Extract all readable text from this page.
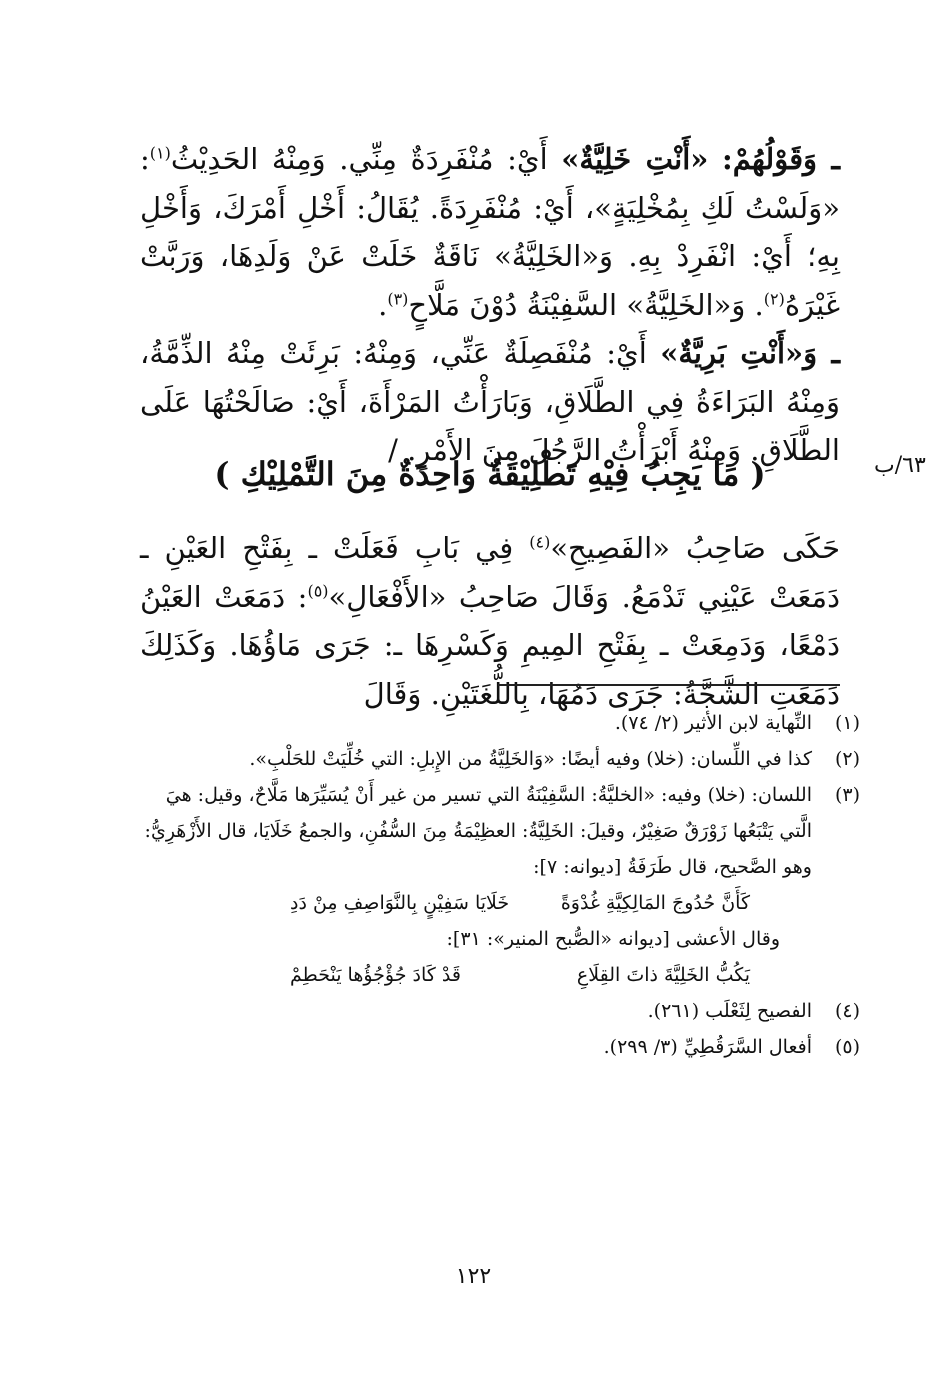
ـ وَقَوْلُهُمْ: «أَنْتِ خَلِيَّةٌ» أَيْ: مُنْفَرِدَةٌ مِنِّي. وَمِنْهُ الحَدِيْثُ$^{(١)}$: «وَلَسْتُ لَكِ بِمُخْلِيَةٍ»، أَيْ: مُنْفَرِدَةً. يُقَالُ: أَخْلِ أَمْرَكَ، وَأَخْلِ بِهِ؛ أَيْ: انْفَرِدْ بِهِ. وَ«الخَلِيَّةُ» نَاقَةٌ خَلَتْ عَنْ وَلَدِهَا، وَرَبَّتْ غَيْرَهُ$^{(٢)}$. وَ«الخَلِيَّةُ» السَّفِيْنَةُ دُوْنَ مَلَّاحٍ$^{(٣)}$.

ـ وَ«أَنْتِ بَرِيَّةٌ» أَيْ: مُنْفَصِلَةٌ عَنِّي، وَمِنْهُ: بَرِئَتْ مِنْهُ الذِّمَّةُ، وَمِنْهُ البَرَاءَةُ فِي الطَّلَاقِ، وَبَارَأْتُ المَرْأَةَ، أَيْ: صَالَحْتُهَا عَلَى الطَّلَاقِ. وَمِنْهُ أَبْرَأْتُ الرَّجُلَ مِنَ الأَمْرِ. / ٦٣/ب
( مَا يَجِبُ فِيْهِ تَطْلِيْقَةٌ وَاحِدَةٌ مِنَ التَّمْلِيْكِ )

حَكَى صَاحِبُ «الفَصِيحِ»$^{(٤)}$ فِي بَابِ فَعَلَتْ ـ بِفَتْحِ العَيْنِ ـ دَمَعَتْ عَيْنِي تَدْمَعُ. وَقَالَ صَاحِبُ «الأَفْعَالِ»$^{(٥)}$: دَمَعَتْ العَيْنُ دَمْعًا، وَدَمِعَتْ ـ بِفَتْحِ المِيمِ وَكَسْرِهَا ـ: جَرَى مَاؤُهَا. وَكَذَلِكَ دَمَعَتِ الشَّجَّةُ: جَرَى دَمُهَا، بِاللُّغَتَيْنِ. وَقَالَ

(١)
النِّهاية لابن الأثير (٢/ ٧٤).
(٢)
كذا في اللِّسان: (خلا) وفيه أيضًا: «وَالخَلِيَّةُ من الإِبلِ: التي خُلِّيَتْ للحَلْبِ».
(٣)
اللسان: (خلا) وفيه: «الخليَّةُ: السَّفِيْنَةُ التي تسير من غير أَنْ يُسَيِّرَها مَلَّاحٌ، وقيل: هيَ الَّتي يَتْبَعُها زَوْرَقٌ صَغِيْرٌ، وقيلَ: الخَلِيَّةُ: العظِيْمَةُ مِنَ السُّفُنِ، والجمعُ خَلَايَا، قال الأَزْهَرِيُّ: وهو الصَّحيح، قال طَرَفَةُ [ديوانه: ٧]:
كَأَنَّ حُدُوجَ المَالِكِيَّةِ غُدْوَةً
خَلَايَا سَفِيْنٍ بِالنَّوَاصِفِ مِنْ دَدِ
وقال الأعشى [ديوانه «الصُّبح المنير»: ٣١]:
يَكُبُّ الخَلِيَّةَ ذاتَ القِلَاعِ
قَدْ كَادَ جُؤْجُؤُها يَنْحَطِمْ
(٤)
الفصيح لِثَعْلَب (٢٦١).
(٥)
أفعال السَّرَقُطِيِّ (٣/ ٢٩٩).
١٢٢
